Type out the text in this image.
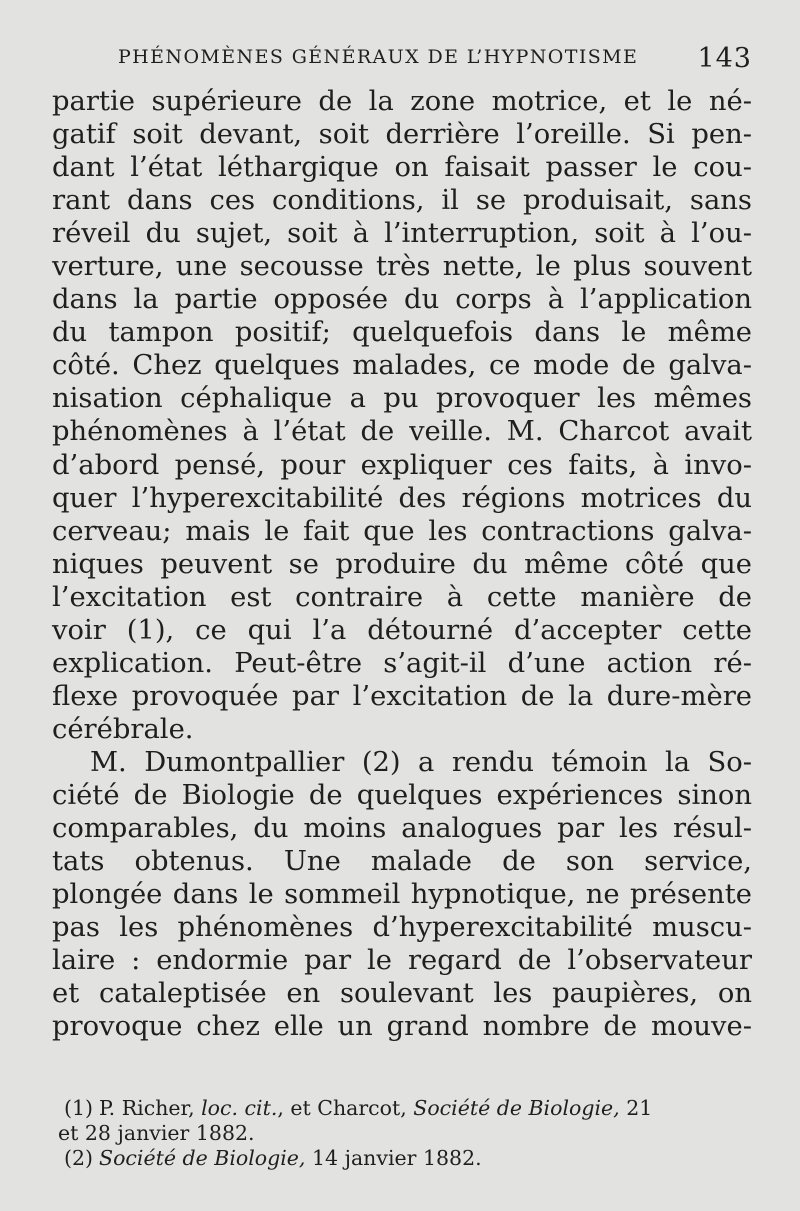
PHÉNOMÈNES GÉNÉRAUX DE L’HYPNOTISME 143
partie supérieure de la zone motrice, et le né-
gatif soit devant, soit derrière l’oreille. Si pen-
dant l’état léthargique on faisait passer le cou-
rant dans ces conditions, il se produisait, sans
réveil du sujet, soit à l’interruption, soit à l’ou-
verture, une secousse très nette, le plus souvent
dans la partie opposée du corps à l’application
du tampon positif; quelquefois dans le même
côté. Chez quelques malades, ce mode de galva-
nisation céphalique a pu provoquer les mêmes
phénomènes à l’état de veille. M. Charcot avait
d’abord pensé, pour expliquer ces faits, à invo-
quer l’hyperexcitabilité des régions motrices du
cerveau; mais le fait que les contractions galva-
niques peuvent se produire du même côté que
l’excitation est contraire à cette manière de
voir (1), ce qui l’a détourné d’accepter cette
explication. Peut-être s’agit-il d’une action ré-
flexe provoquée par l’excitation de la dure-mère
cérébrale.
M. Dumontpallier (2) a rendu témoin la So-
ciété de Biologie de quelques expériences sinon
comparables, du moins analogues par les résul-
tats obtenus. Une malade de son service,
plongée dans le sommeil hypnotique, ne présente
pas les phénomènes d’hyperexcitabilité muscu-
laire : endormie par le regard de l’observateur
et cataleptisée en soulevant les paupières, on
provoque chez elle un grand nombre de mouve-
(1) P. Richer, loc. cit., et Charcot, Société de Biologie, 21
et 28 janvier 1882.
(2) Société de Biologie, 14 janvier 1882.
